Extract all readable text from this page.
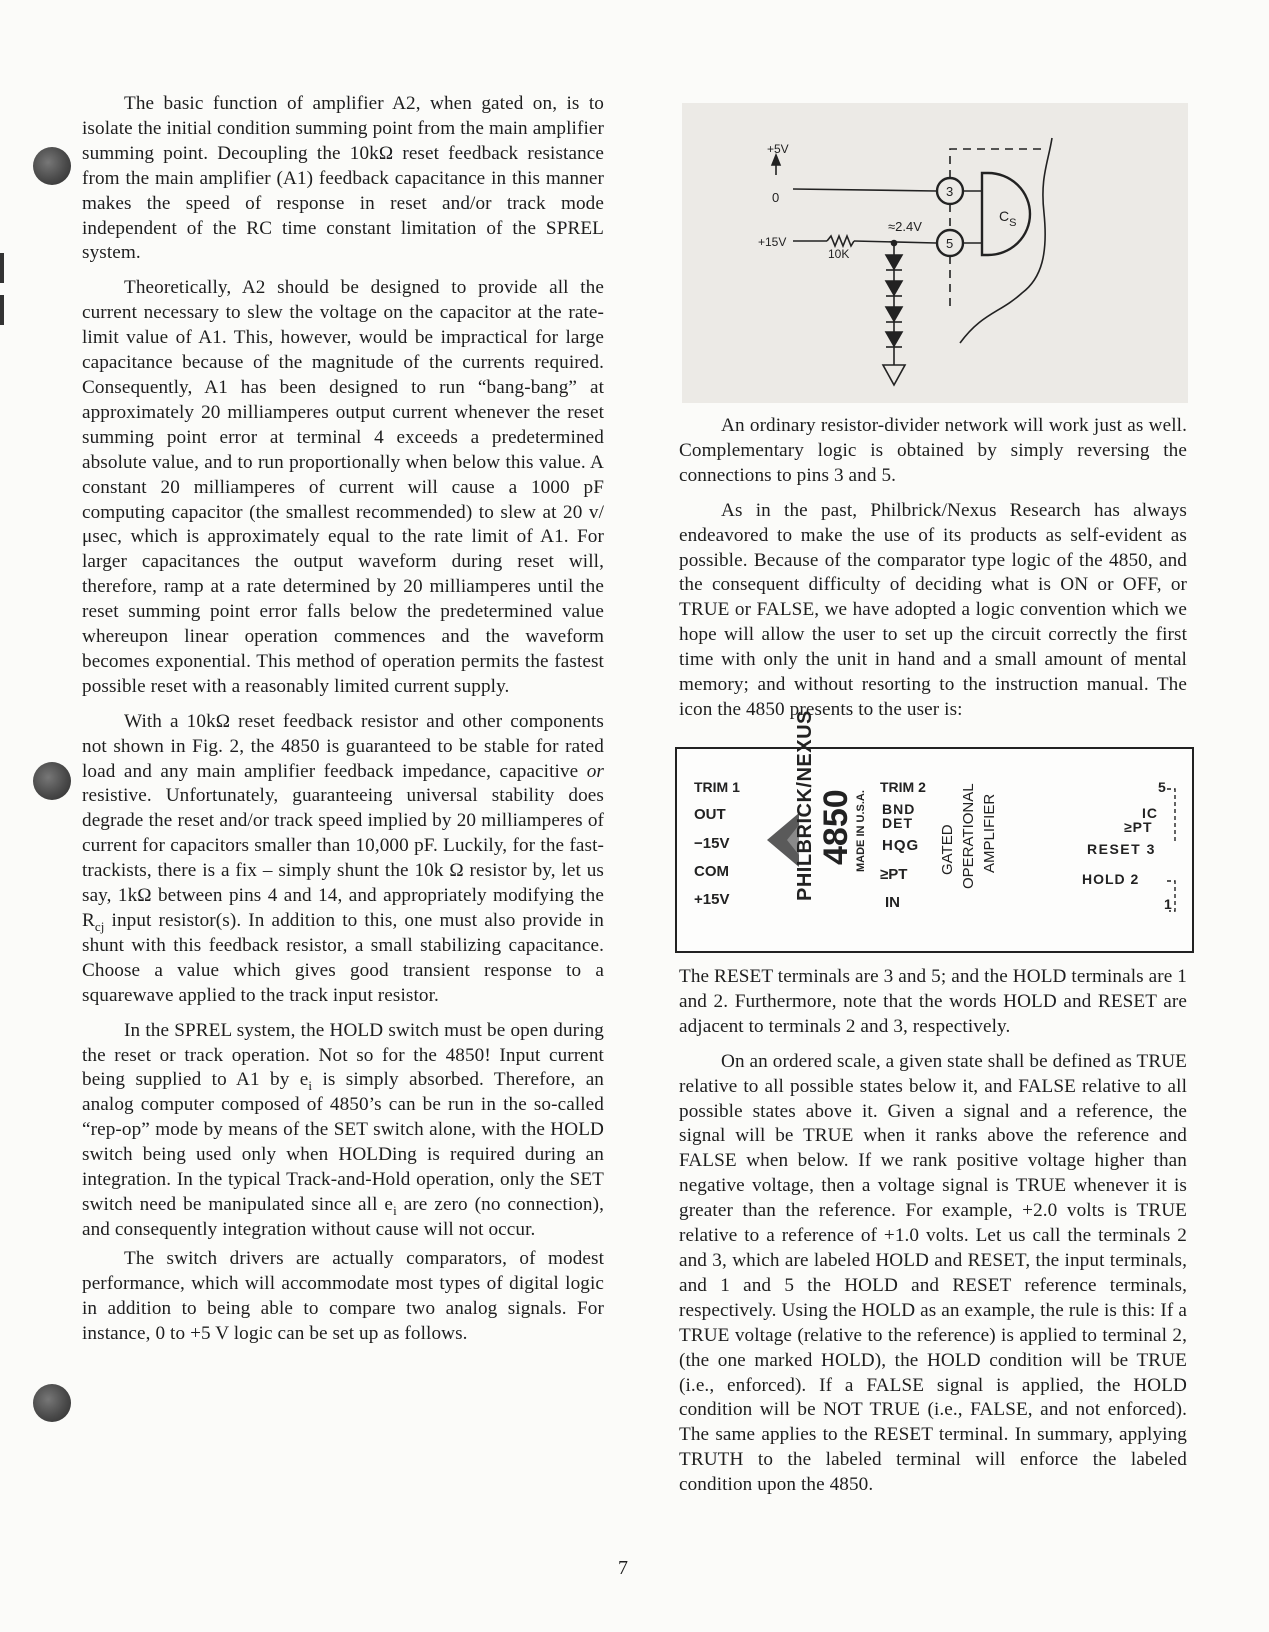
The basic function of amplifier A2, when gated on, is to isolate the initial condition summing point from the main amplifier summing point. Decoupling the 10kΩ reset feedback resistance from the main amplifier (A1) feedback capacitance in this manner makes the speed of response in reset and/or track mode independent of the RC time constant limitation of the SPREL system.

Theoretically, A2 should be designed to provide all the current necessary to slew the voltage on the capacitor at the rate-limit value of A1. This, however, would be impractical for large capacitance because of the magnitude of the currents required. Consequently, A1 has been designed to run “bang-bang” at approximately 20 milliamperes output current whenever the reset summing point error at terminal 4 exceeds a predetermined absolute value, and to run proportionally when below this value. A constant 20 milliamperes of current will cause a 1000 pF computing capacitor (the smallest recommended) to slew at 20 v/μsec, which is approximately equal to the rate limit of A1. For larger capacitances the output waveform during reset will, therefore, ramp at a rate determined by 20 milliamperes until the reset summing point error falls below the predetermined value whereupon linear operation commences and the waveform becomes exponential. This method of operation permits the fastest possible reset with a reasonably limited current supply.

With a 10kΩ reset feedback resistor and other components not shown in Fig. 2, the 4850 is guaranteed to be stable for rated load and any main amplifier feedback impedance, capacitive or resistive. Unfortunately, guaranteeing universal stability does degrade the reset and/or track speed implied by 20 milliamperes of current for capacitors smaller than 10,000 pF. Luckily, for the fast-trackists, there is a fix – simply shunt the 10k Ω resistor by, let us say, 1kΩ between pins 4 and 14, and appropriately modifying the $R_{cj}$ input resistor(s). In addition to this, one must also provide in shunt with this feedback resistor, a small stabilizing capacitance. Choose a value which gives good transient response to a squarewave applied to the track input resistor.

In the SPREL system, the HOLD switch must be open during the reset or track operation. Not so for the 4850! Input current being supplied to A1 by $e_i$ is simply absorbed. Therefore, an analog computer composed of 4850’s can be run in the so-called “rep-op” mode by means of the SET switch alone, with the HOLD switch being used only when HOLDing is required during an integration. In the typical Track-and-Hold operation, only the SET switch need be manipulated since all $e_i$ are zero (no connection), and consequently integration without cause will not occur.

The switch drivers are actually comparators, of modest performance, which will accommodate most types of digital logic in addition to being able to compare two analog signals. For instance, 0 to +5 V logic can be set up as follows.

+5V
0
+15V
10K
≈2.4V
3
5
$C_S$

An ordinary resistor-divider network will work just as well. Complementary logic is obtained by simply reversing the connections to pins 3 and 5.

As in the past, Philbrick/Nexus Research has always endeavored to make the use of its products as self-evident as possible. Because of the comparator type logic of the 4850, and the consequent difficulty of deciding what is ON or OFF, or TRUE or FALSE, we have adopted a logic convention which we hope will allow the user to set up the circuit correctly the first time with only the unit in hand and a small amount of mental memory; and without resorting to the instruction manual. The icon the 4850 presents to the user is:

TRIM 1
OUT
−15V
COM
+15V	PHILBRICK/NEXUS 4850 MADE IN U.S.A.
TRIM 2
BND
DET
HQG
≥PT
IN
GATED OPERATIONAL AMPLIFIER
5
IC
≥PT
RESET 3
HOLD 2
1

The RESET terminals are 3 and 5; and the HOLD terminals are 1 and 2. Furthermore, note that the words HOLD and RESET are adjacent to terminals 2 and 3, respectively.

On an ordered scale, a given state shall be defined as TRUE relative to all possible states below it, and FALSE relative to all possible states above it. Given a signal and a reference, the signal will be TRUE when it ranks above the reference and FALSE when below. If we rank positive voltage higher than negative voltage, then a voltage signal is TRUE whenever it is greater than the reference. For example, +2.0 volts is TRUE relative to a reference of +1.0 volts. Let us call the terminals 2 and 3, which are labeled HOLD and RESET, the input terminals, and 1 and 5 the HOLD and RESET reference terminals, respectively. Using the HOLD as an example, the rule is this: If a TRUE voltage (relative to the reference) is applied to terminal 2, (the one marked HOLD), the HOLD condition will be TRUE (i.e., enforced). If a FALSE signal is applied, the HOLD condition will be NOT TRUE (i.e., FALSE, and not enforced). The same applies to the RESET terminal. In summary, applying TRUTH to the labeled terminal will enforce the labeled condition upon the 4850.

7
